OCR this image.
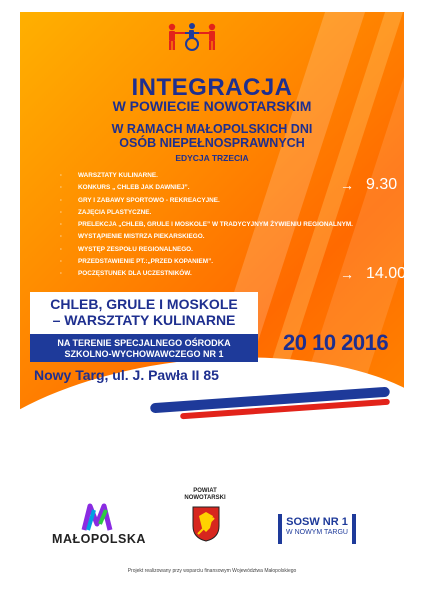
INTEGRACJA
W POWIECIE NOWOTARSKIM
W RAMACH MAŁOPOLSKICH DNI
OSÓB NIEPEŁNOSPRAWNYCH
EDYCJA TRZECIA
· WARSZTATY KULINARNE.
· KONKURS „ CHLEB JAK DAWNIEJ”.
· GRY I ZABAWY SPORTOWO - REKREACYJNE.
· ZAJĘCIA PLASTYCZNE.
· PRELEKCJA „CHLEB, GRULE I MOSKOLE” W TRADYCYJNYM ŻYWIENIU REGIONALNYM.
· WYSTĄPIENIE MISTRZA PIEKARSKIEGO.
· WYSTĘP ZESPOŁU REGIONALNEGO.
· PRZEDSTAWIENIE PT.:„PRZED KOPANIEM”.
· POCZĘSTUNEK DLA UCZESTNIKÓW.
→ 9.30
→ 14.00
CHLEB, GRULE I MOSKOLE
– WARSZTATY KULINARNE
NA TERENIE SPECJALNEGO OŚRODKA
SZKOLNO-WYCHOWAWCZEGO NR 1	20 10 2016
Nowy Targ, ul. J. Pawła II 85
MAŁOPOLSKA
POWIAT
NOWOTARSKI
SOSW NR 1
W NOWYM TARGU
Projekt realizowany przy wsparciu finansowym Województwa Małopolskiego
